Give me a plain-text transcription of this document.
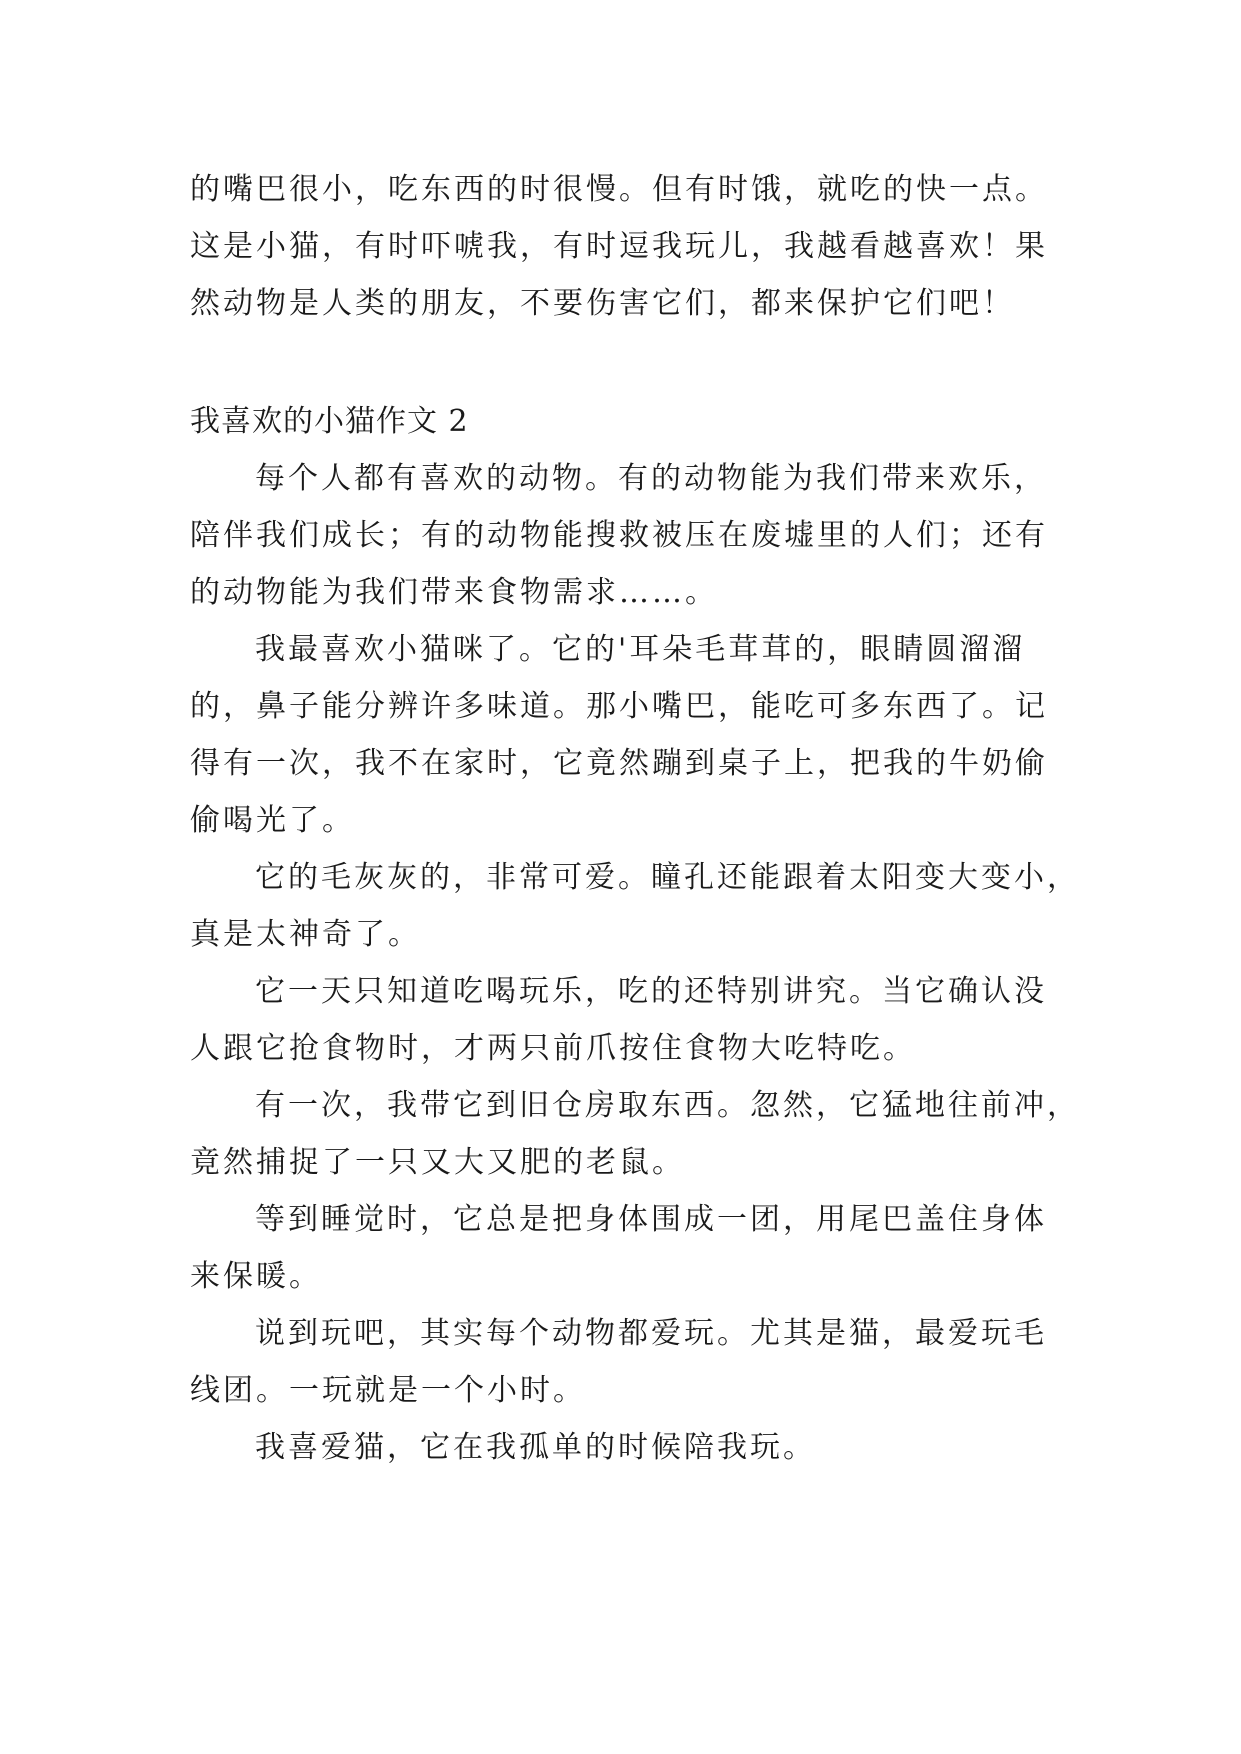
的嘴巴很小，吃东西的时很慢。但有时饿，就吃的快一点。
这是小猫，有时吓唬我，有时逗我玩儿，我越看越喜欢！果
然动物是人类的朋友，不要伤害它们，都来保护它们吧！
我喜欢的小猫作文 2
每个人都有喜欢的动物。有的动物能为我们带来欢乐，
陪伴我们成长；有的动物能搜救被压在废墟里的人们；还有
的动物能为我们带来食物需求……。
我最喜欢小猫咪了。它的'耳朵毛茸茸的，眼睛圆溜溜
的，鼻子能分辨许多味道。那小嘴巴，能吃可多东西了。记
得有一次，我不在家时，它竟然蹦到桌子上，把我的牛奶偷
偷喝光了。
它的毛灰灰的，非常可爱。瞳孔还能跟着太阳变大变小，
真是太神奇了。
它一天只知道吃喝玩乐，吃的还特别讲究。当它确认没
人跟它抢食物时，才两只前爪按住食物大吃特吃。
有一次，我带它到旧仓房取东西。忽然，它猛地往前冲，
竟然捕捉了一只又大又肥的老鼠。
等到睡觉时，它总是把身体围成一团，用尾巴盖住身体
来保暖。
说到玩吧，其实每个动物都爱玩。尤其是猫，最爱玩毛
线团。一玩就是一个小时。
我喜爱猫，它在我孤单的时候陪我玩。
